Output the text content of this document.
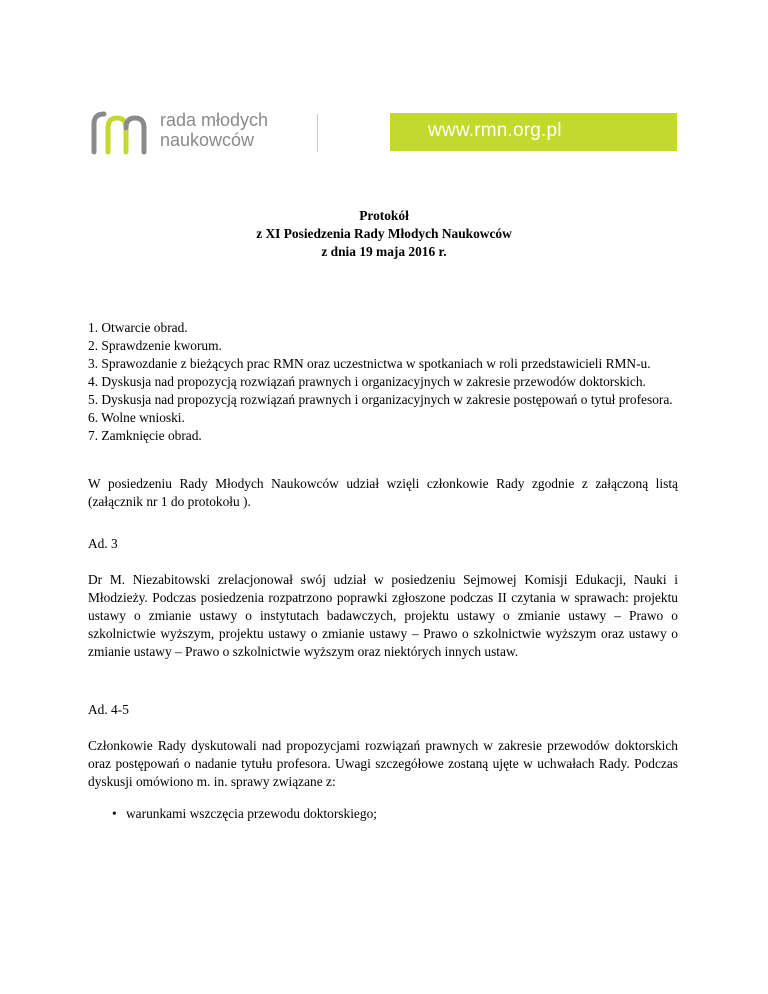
rada młodych
naukowców	www.rmn.org.pl
Protokół
z XI Posiedzenia Rady Młodych Naukowców
z dnia 19 maja 2016 r.
1. Otwarcie obrad.
2. Sprawdzenie kworum.
3. Sprawozdanie z bieżących prac RMN oraz uczestnictwa w spotkaniach w roli przedstawicieli RMN-u.
4. Dyskusja nad propozycją rozwiązań prawnych i organizacyjnych w zakresie przewodów doktorskich.
5. Dyskusja nad propozycją rozwiązań prawnych i organizacyjnych w zakresie postępowań o tytuł profesora.
6. Wolne wnioski.
7. Zamknięcie obrad.

W posiedzeniu Rady Młodych Naukowców udział wzięli członkowie Rady zgodnie z załączoną listą (załącznik nr 1 do protokołu ).

Ad. 3

Dr M. Niezabitowski zrelacjonował swój udział w posiedzeniu Sejmowej Komisji Edukacji, Nauki i Młodzieży. Podczas posiedzenia rozpatrzono poprawki zgłoszone podczas II czytania w sprawach: projektu ustawy o zmianie ustawy o instytutach badawczych, projektu ustawy o zmianie ustawy – Prawo o szkolnictwie wyższym, projektu ustawy o zmianie ustawy – Prawo o szkolnictwie wyższym oraz ustawy o zmianie ustawy – Prawo o szkolnictwie wyższym oraz niektórych innych ustaw.

Ad. 4-5

Członkowie Rady dyskutowali nad propozycjami rozwiązań prawnych w zakresie przewodów doktorskich oraz postępowań o nadanie tytułu profesora. Uwagi szczegółowe zostaną ujęte w uchwałach Rady. Podczas dyskusji omówiono m. in. sprawy związane z:

• warunkami wszczęcia przewodu doktorskiego;
